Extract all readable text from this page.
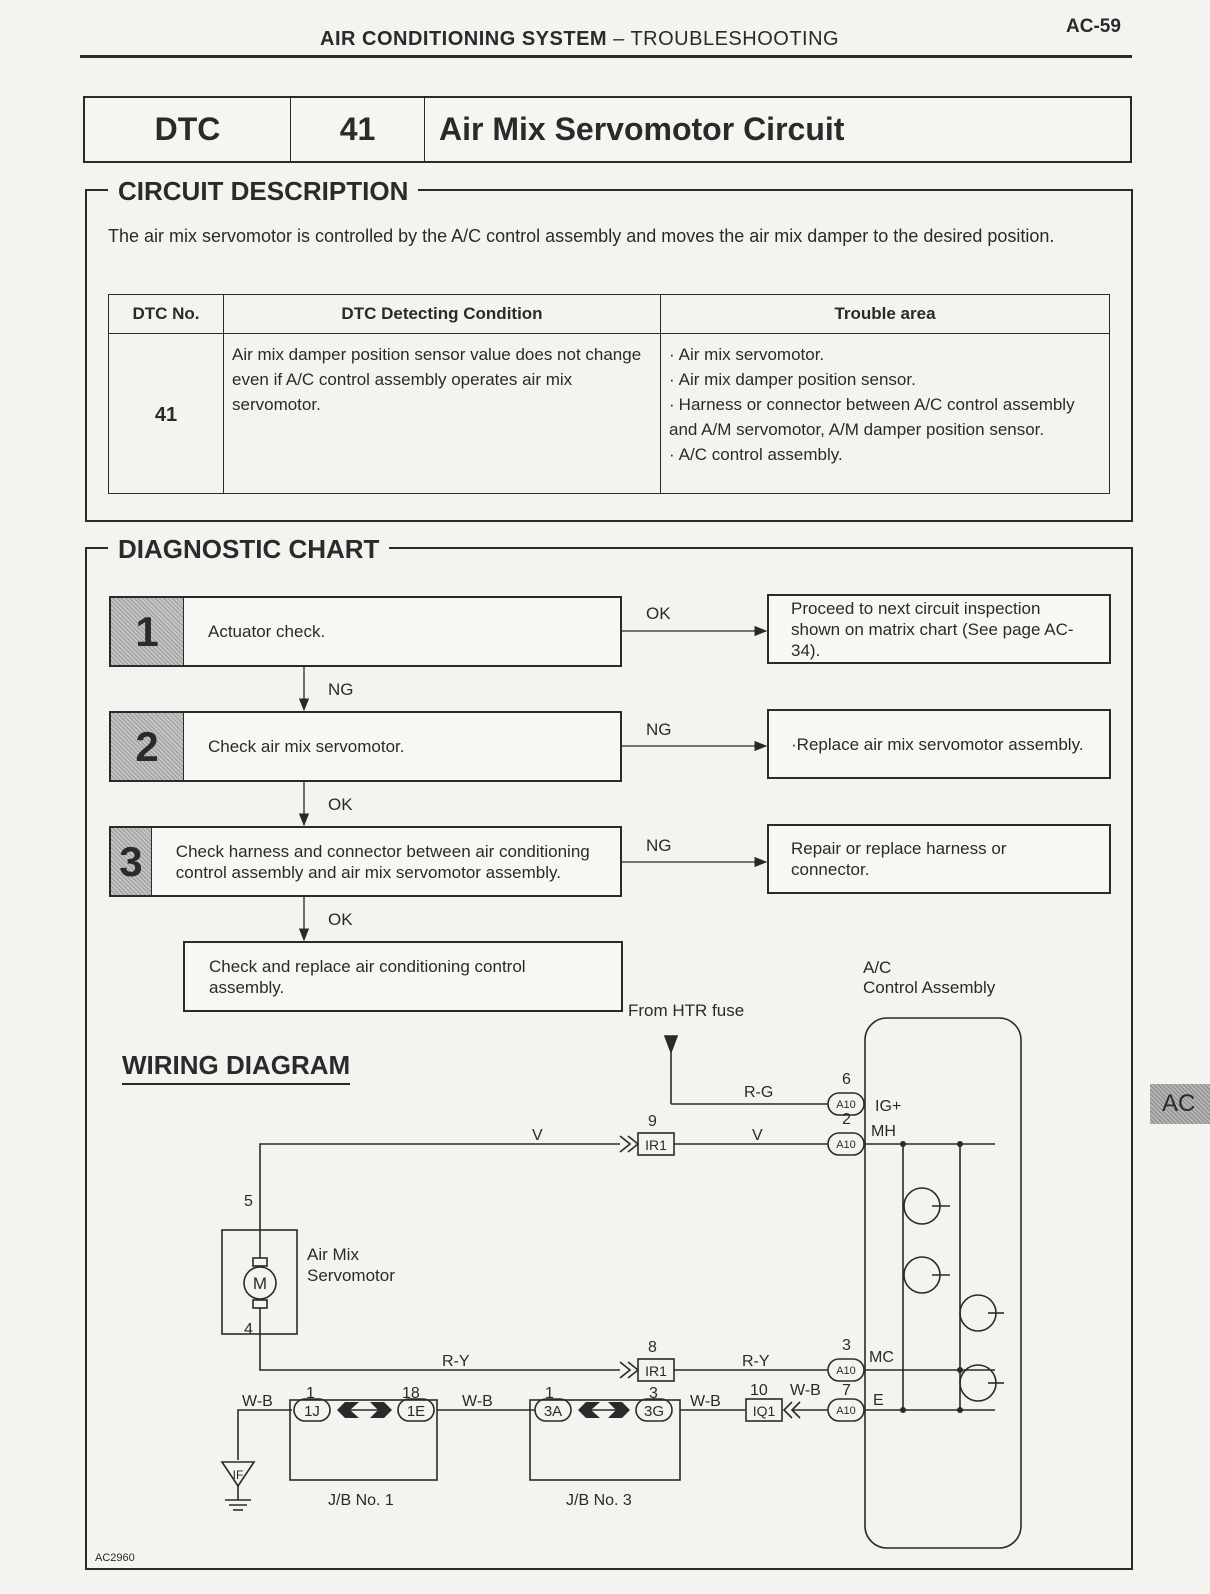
AIR CONDITIONING SYSTEM – TROUBLESHOOTING
AC-59
DTC	41	Air Mix Servomotor Circuit
CIRCUIT DESCRIPTION
The air mix servomotor is controlled by the A/C control assembly and moves the air mix damper to the desired position.
DTC No.	DTC Detecting Condition	Trouble area
41	Air mix damper position sensor value does not change even if A/C control assembly operates air mix servomotor.	
· Air mix servomotor.
· Air mix damper position sensor.
· Harness or connector between A/C control assembly and A/M servomotor, A/M damper position sensor.
· A/C control assembly.
DIAGNOSTIC CHART
1	Actuator check.
OK	Proceed to next circuit inspection shown on matrix chart (See page AC-34).
NG
2	Check air mix servomotor.
NG
·Replace air mix servomotor assembly.
OK
3	Check harness and connector between air conditioning control assembly and air mix servomotor assembly.
NG	Repair or replace harness or connector.
OK
Check and replace air conditioning control assembly.
WIRING DIAGRAM
From HTR fuse
A/C
Control Assembly
Air Mix
Servomotor
M
5
4
R-G
6
IG+
V
9
IR1
V
2
MH
R-Y
8
IR1
R-Y
3
MC
W-B
IF
1
1J
18
1E
J/B No. 1
W-B	1
3A
3
3G
J/B No. 3
W-B
10
IQ1
W-B 7
E
A10
A10
A10
A10
AC2960
AC
